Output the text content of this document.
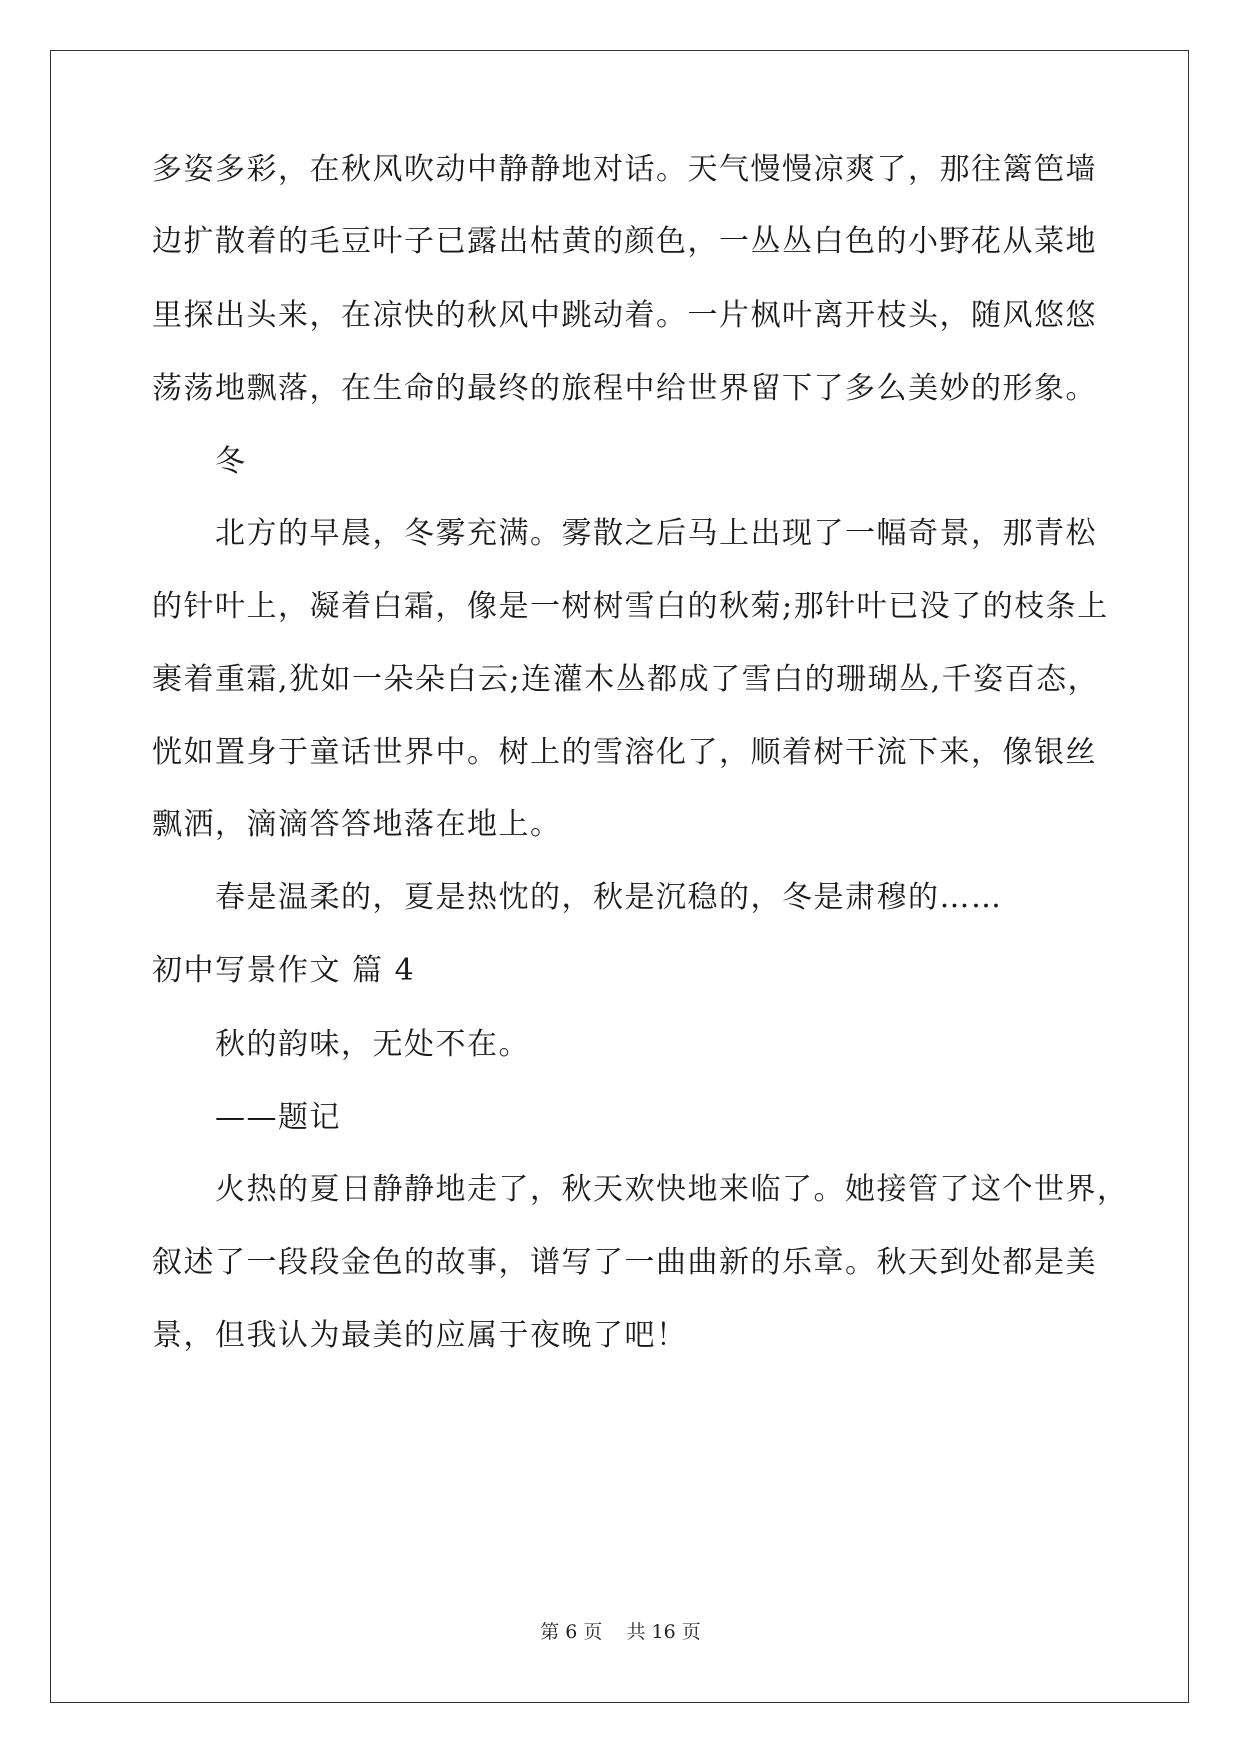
多姿多彩，在秋风吹动中静静地对话。天气慢慢凉爽了，那往篱笆墙
边扩散着的毛豆叶子已露出枯黄的颜色，一丛丛白色的小野花从菜地
里探出头来，在凉快的秋风中跳动着。一片枫叶离开枝头，随风悠悠
荡荡地飘落，在生命的最终的旅程中给世界留下了多么美妙的形象。
冬
北方的早晨，冬雾充满。雾散之后马上出现了一幅奇景，那青松
的针叶上，凝着白霜，像是一树树雪白的秋菊;那针叶已没了的枝条上
裹着重霜,犹如一朵朵白云;连灌木丛都成了雪白的珊瑚丛,千姿百态，
恍如置身于童话世界中。树上的雪溶化了，顺着树干流下来，像银丝
飘洒，滴滴答答地落在地上。
春是温柔的，夏是热忱的，秋是沉稳的，冬是肃穆的……
初中写景作文 篇 4
秋的韵味，无处不在。
——题记
火热的夏日静静地走了，秋天欢快地来临了。她接管了这个世界，
叙述了一段段金色的故事，谱写了一曲曲新的乐章。秋天到处都是美
景，但我认为最美的应属于夜晚了吧！
第 6 页 共 16 页
